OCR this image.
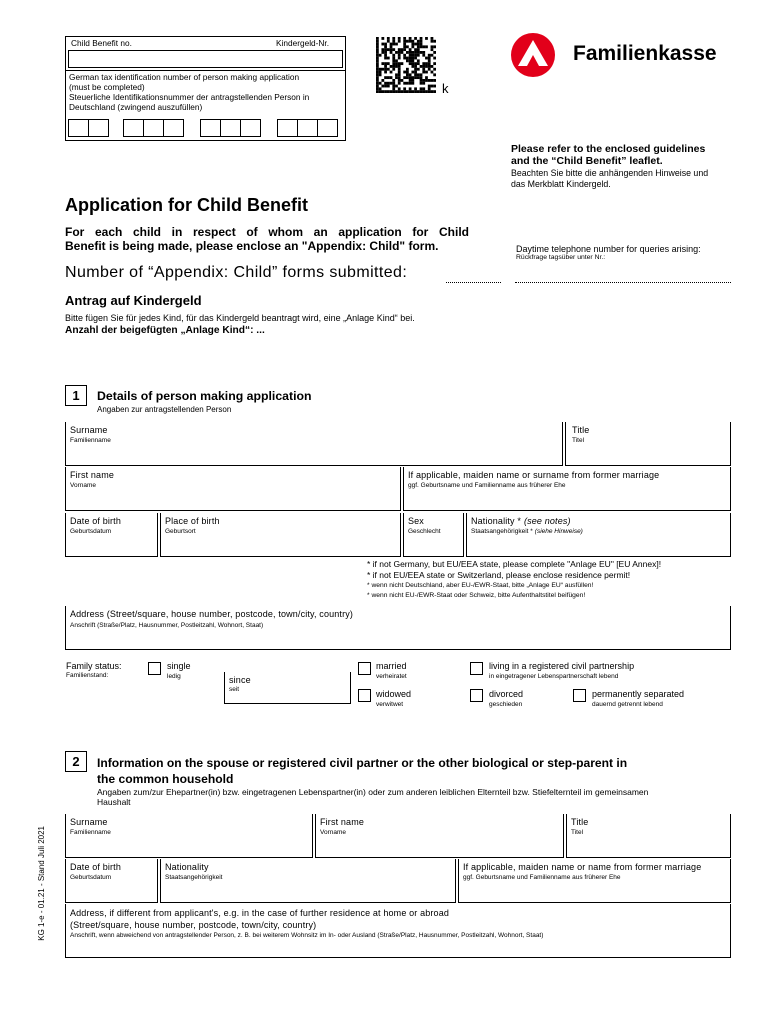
Child Benefit no.	Kindergeld-Nr.
German tax identification number of person making application
(must be completed)
Steuerliche Identifikationsnummer der antragstellenden Person in
Deutschland (zwingend auszufüllen)
k
Familienkasse
Please refer to the enclosed guidelines
and the “Child Benefit” leaflet.
Beachten Sie bitte die anhängenden Hinweise und
das Merkblatt Kindergeld.
Application for Child Benefit
For each child in respect of whom an application for Child
Benefit is being made, please enclose an "Appendix: Child" form.
Number of “Appendix: Child” forms submitted:
Daytime telephone number for queries arising:
Rückfrage tagsüber unter Nr.:
Antrag auf Kindergeld
Bitte fügen Sie für jedes Kind, für das Kindergeld beantragt wird, eine „Anlage Kind“ bei.
Anzahl der beigefügten „Anlage Kind“: ...
1	Details of person making application
Angaben zur antragstellenden Person
Surname
Familienname
Title
Titel
First name
Vorname
If applicable, maiden name or surname from former marriage
ggf. Geburtsname und Familienname aus früherer Ehe
Date of birth
Geburtsdatum
Place of birth
Geburtsort
Sex
Geschlecht
Nationality * (see notes)
Staatsangehörigkeit * (siehe Hinweise)
* if not Germany, but EU/EEA state, please complete "Anlage EU" [EU Annex]!
* if not EU/EEA state or Switzerland, please enclose residence permit!
* wenn nicht Deutschland, aber EU-/EWR-Staat, bitte „Anlage EU“ ausfüllen!
* wenn nicht EU-/EWR-Staat oder Schweiz, bitte Aufenthaltstitel beifügen!
Address (Street/square, house number, postcode, town/city, country)
Anschrift (Straße/Platz, Hausnummer, Postleitzahl, Wohnort, Staat)
Family status:
Familienstand:
single
ledig	since
seit
married
verheiratet
living in a registered civil partnership
in eingetragener Lebenspartnerschaft lebend
widowed
verwitwet
divorced
geschieden
permanently separated
dauernd getrennt lebend
2	Information on the spouse or registered civil partner or the other biological or step-parent in
the common household
Angaben zum/zur Ehepartner(in) bzw. eingetragenen Lebenspartner(in) oder zum anderen leiblichen Elternteil bzw. Stiefelternteil im gemeinsamen
Haushalt
Surname
Familienname
First name
Vorname
Title
Titel
Date of birth
Geburtsdatum
Nationality
Staatsangehörigkeit
If applicable, maiden name or name from former marriage
ggf. Geburtsname und Familienname aus früherer Ehe
Address, if different from applicant's, e.g. in the case of further residence at home or abroad
(Street/square, house number, postcode, town/city, country)
Anschrift, wenn abweichend von antragstellender Person, z. B. bei weiterem Wohnsitz im In- oder Ausland (Straße/Platz, Hausnummer, Postleitzahl, Wohnort, Staat)
KG 1-e - 01.21 - Stand Juli 2021
